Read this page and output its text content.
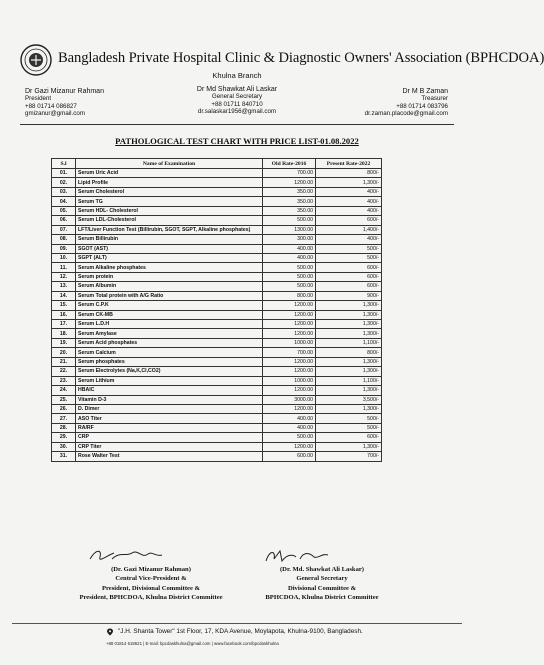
Bangladesh Private Hospital Clinic & Diagnostic Owners' Association (BPHCDOA)
Khulna Branch
Dr Gazi Mizanur Rahman
President
+88 01714 086827
gmizanur@gmail.com
Dr Md Shawkat Ali Laskar
General Secretary
+88 01711 840710
dr.salaskar1956@gmail.com
Dr M B Zaman
Treasurer
+88 01714 083796
dr.zaman.placode@gmail.com
PATHOLOGICAL TEST CHART WITH PRICE LIST-01.08.2022
S.l	Name of Examination	Old Rate-2016	Present Rate-2022
01.	Serum Uric Acid	700.00	800/-
02.	Lipid Profile	1200.00	1,300/-
03.	Serum Cholesterol	350.00	400/-
04.	Serum TG	350.00	400/-
05.	Serum HDL- Cholesterol	350.00	400/-
06.	Serum LDL-Cholesterol	500.00	600/-
07.	LFT/Liver Function Test (Billirubin, SGOT, SGPT, Alkaline phosphates)	1300.00	1,400/-
08.	Serum Billirubin	300.00	400/-
09.	SGOT (AST)	400.00	500/-
10.	SGPT (ALT)	400.00	500/-
11.	Serum Alkaline phosphates	500.00	600/-
12.	Serum protein	500.00	600/-
13.	Serum Albumin	500.00	600/-
14.	Serum Total protein with A/G Ratio	800.00	900/-
15.	Serum C.P.K	1200.00	1,300/-
16.	Serum CK-MB	1200.00	1,300/-
17.	Serum L.D.H	1200.00	1,300/-
18.	Serum Amylase	1200.00	1,300/-
19.	Serum Acid phosphates	1000.00	1,100/-
20.	Serum Calcium	700.00	800/-
21.	Serum phosphates	1200.00	1,300/-
22.	Serum Electrolytes (Na,K,Cl,CO2)	1200.00	1,300/-
23.	Serum Lithium	1000.00	1,100/-
24.	HBAIC	1200.00	1,300/-
25.	Vitamin D-3	3000.00	3,500/-
26.	D. Dimer	1200.00	1,300/-
27.	ASO Titer	400.00	500/-
28.	RA/RF	400.00	500/-
29.	CRP	500.00	600/-
30.	CRP Titer	1200.00	1,300/-
31.	Rose Walter Test	600.00	700/-
(Dr. Gazi Mizanur Rahman)
Central Vice-President &
President, Divisional Committee &
President, BPHCDOA, Khulna District Committee
(Dr. Md. Shawkat Ali Laskar)
General Secretary
Divisional Committee &
BPHCDOA, Khulna District Committee
"J.H. Shanta Tower" 1st Floor, 17, KDA Avenue, Moylapota, Khulna-9100, Bangladesh.
+88 01814 618621 | E-mail: bpcdaskhulna@gmail.com | www.facebook.com/bpcdaskhulna
